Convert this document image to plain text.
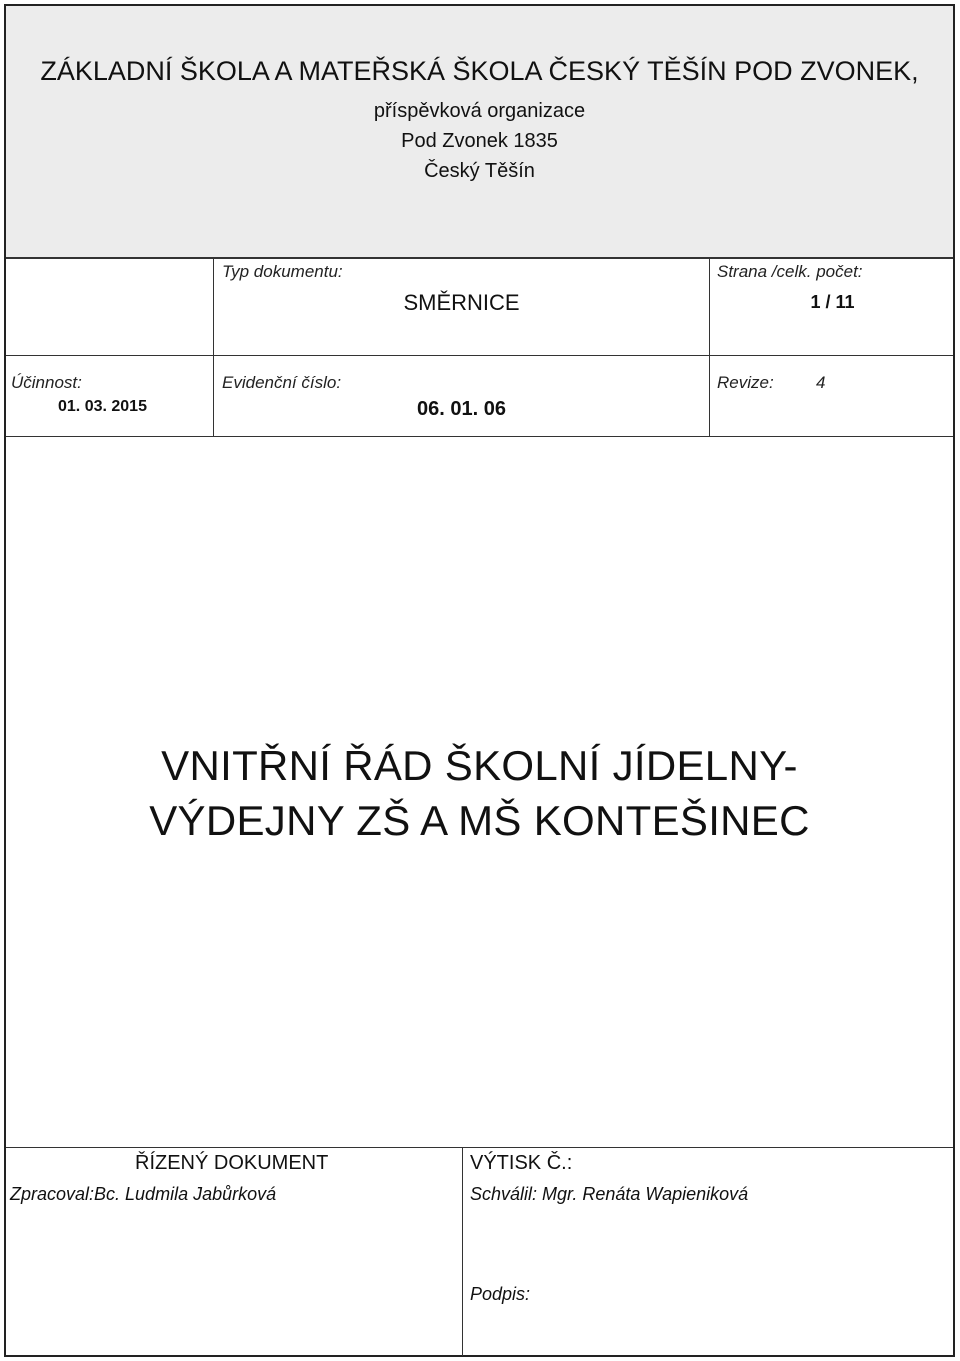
ZÁKLADNÍ ŠKOLA A MATEŘSKÁ ŠKOLA ČESKÝ TĚŠÍN POD ZVONEK,
příspěvková organizace
Pod Zvonek 1835
Český Těšín
Typ dokumentu:
SMĚRNICE
Strana /celk. počet:
1 / 11
Účinnost:
01. 03. 2015
Evidenční číslo:
06. 01. 06
Revize: 4
VNITŘNÍ ŘÁD ŠKOLNÍ JÍDELNY-
VÝDEJNY ZŠ A MŠ KONTEŠINEC
ŘÍZENÝ DOKUMENT	VÝTISK Č.:
Zpracoval:Bc. Ludmila Jabůrková	Schválil: Mgr. Renáta Wapieniková
Podpis:
